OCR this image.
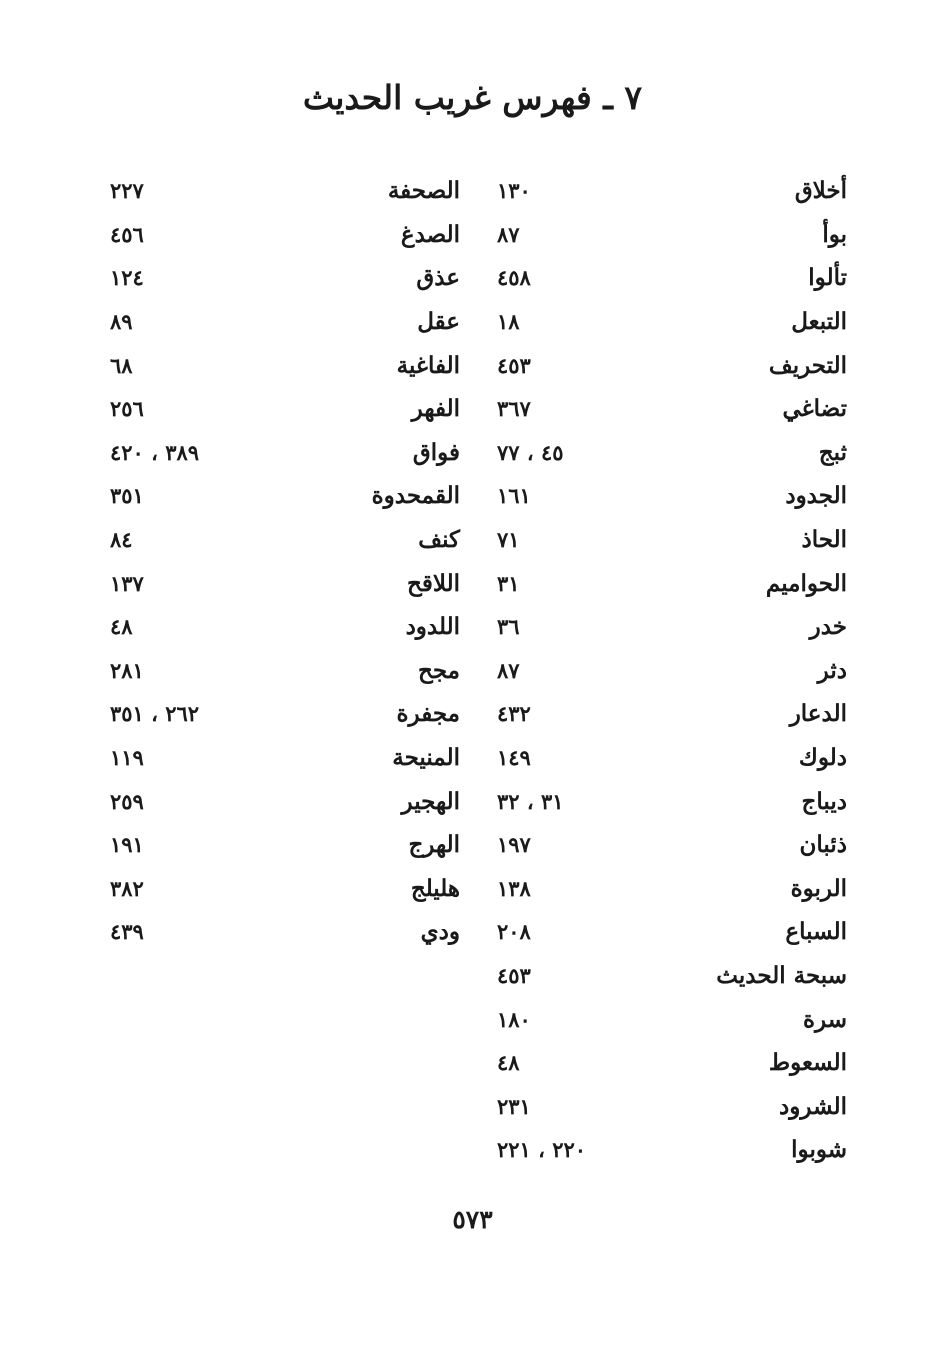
٧ ـ فهرس غريب الحديث
أخلاق
١٣٠
بوأ
٨٧
تألوا
٤٥٨
التبعل
١٨
التحريف
٤٥٣
تضاغي
٣٦٧
ثبج
٤٥ ، ٧٧
الجدود
١٦١
الحاذ
٧١
الحواميم
٣١
خدر
٣٦
دثر
٨٧
الدعار
٤٣٢
دلوك
١٤٩
ديباج
٣١ ، ٣٢
ذئبان
١٩٧
الربوة
١٣٨
السباع
٢٠٨
سبحة الحديث
٤٥٣
سرة
١٨٠
السعوط
٤٨
الشرود
٢٣١
شوبوا
٢٢٠ ، ٢٢١
الصحفة
٢٢٧
الصدغ
٤٥٦
عذق
١٢٤
عقل
٨٩
الفاغية
٦٨
الفهر
٢٥٦
فواق
٣٨٩ ، ٤٢٠
القمحدوة
٣٥١
كنف
٨٤
اللاقح
١٣٧
اللدود
٤٨
مجح
٢٨١
مجفرة
٢٦٢ ، ٣٥١
المنيحة
١١٩
الهجير
٢٥٩
الهرج
١٩١
هليلج
٣٨٢
ودي
٤٣٩
٥٧٣
